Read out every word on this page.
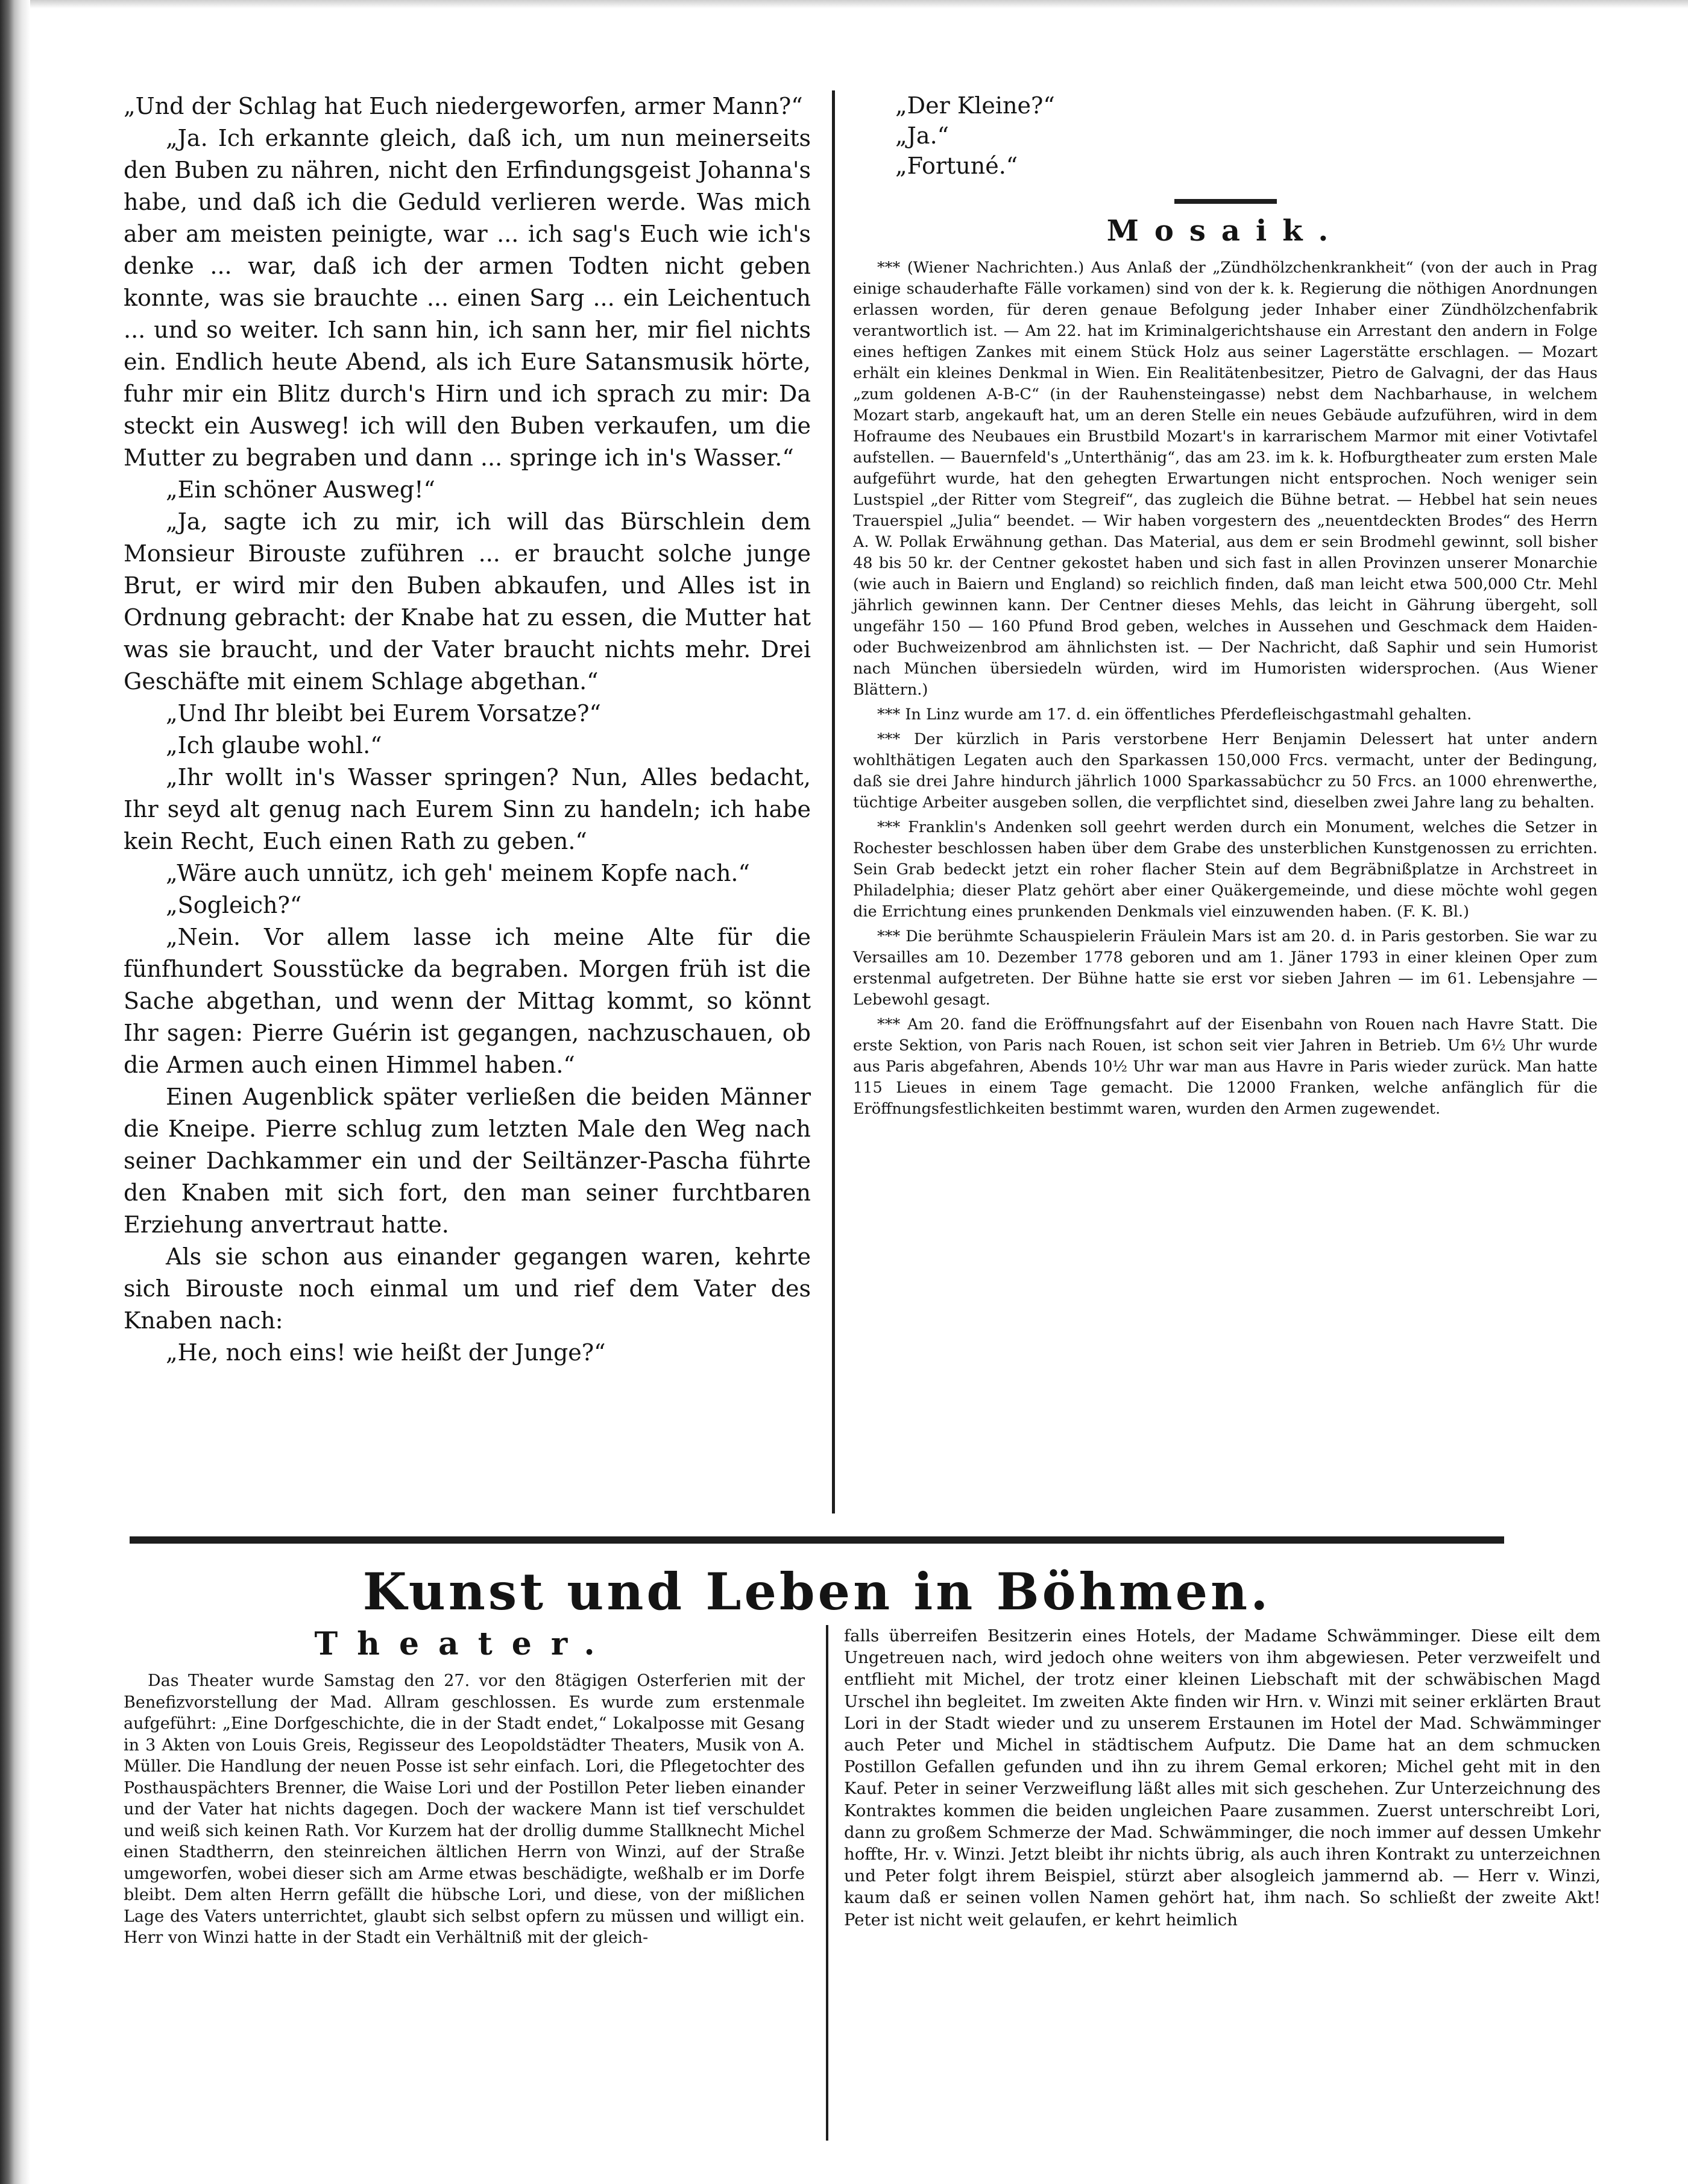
„Und der Schlag hat Euch niedergeworfen, armer Mann?“

„Ja. Ich erkannte gleich, daß ich, um nun meinerseits den Buben zu nähren, nicht den Erfindungsgeist Johanna's habe, und daß ich die Geduld verlieren werde. Was mich aber am meisten peinigte, war ... ich sag's Euch wie ich's denke ... war, daß ich der armen Todten nicht geben konnte, was sie brauchte ... einen Sarg ... ein Leichentuch ... und so weiter. Ich sann hin, ich sann her, mir fiel nichts ein. Endlich heute Abend, als ich Eure Satansmusik hörte, fuhr mir ein Blitz durch's Hirn und ich sprach zu mir: Da steckt ein Ausweg! ich will den Buben verkaufen, um die Mutter zu begraben und dann ... springe ich in's Wasser.“

„Ein schöner Ausweg!“

„Ja, sagte ich zu mir, ich will das Bürschlein dem Monsieur Birouste zuführen ... er braucht solche junge Brut, er wird mir den Buben abkaufen, und Alles ist in Ordnung gebracht: der Knabe hat zu essen, die Mutter hat was sie braucht, und der Vater braucht nichts mehr. Drei Geschäfte mit einem Schlage abgethan.“

„Und Ihr bleibt bei Eurem Vorsatze?“

„Ich glaube wohl.“

„Ihr wollt in's Wasser springen? Nun, Alles bedacht, Ihr seyd alt genug nach Eurem Sinn zu handeln; ich habe kein Recht, Euch einen Rath zu geben.“

„Wäre auch unnütz, ich geh' meinem Kopfe nach.“

„Sogleich?“

„Nein. Vor allem lasse ich meine Alte für die fünfhundert Sousstücke da begraben. Morgen früh ist die Sache abgethan, und wenn der Mittag kommt, so könnt Ihr sagen: Pierre Guérin ist gegangen, nachzuschauen, ob die Armen auch einen Himmel haben.“

Einen Augenblick später verließen die beiden Männer die Kneipe. Pierre schlug zum letzten Male den Weg nach seiner Dachkammer ein und der Seiltänzer-Pascha führte den Knaben mit sich fort, den man seiner furchtbaren Erziehung anvertraut hatte.

Als sie schon aus einander gegangen waren, kehrte sich Birouste noch einmal um und rief dem Vater des Knaben nach:

„He, noch eins! wie heißt der Junge?“

„Der Kleine?“

„Ja.“

„Fortuné.“

Mosaik.

*** (Wiener Nachrichten.) Aus Anlaß der „Zündhölzchenkrankheit“ (von der auch in Prag einige schauderhafte Fälle vorkamen) sind von der k. k. Regierung die nöthigen Anordnungen erlassen worden, für deren genaue Befolgung jeder Inhaber einer Zündhölzchenfabrik verantwortlich ist. — Am 22. hat im Kriminalgerichtshause ein Arrestant den andern in Folge eines heftigen Zankes mit einem Stück Holz aus seiner Lagerstätte erschlagen. — Mozart erhält ein kleines Denkmal in Wien. Ein Realitätenbesitzer, Pietro de Galvagni, der das Haus „zum goldenen A-B-C“ (in der Rauhensteingasse) nebst dem Nachbarhause, in welchem Mozart starb, angekauft hat, um an deren Stelle ein neues Gebäude aufzuführen, wird in dem Hofraume des Neubaues ein Brustbild Mozart's in karrarischem Marmor mit einer Votivtafel aufstellen. — Bauernfeld's „Unterthänig“, das am 23. im k. k. Hofburgtheater zum ersten Male aufgeführt wurde, hat den gehegten Erwartungen nicht entsprochen. Noch weniger sein Lustspiel „der Ritter vom Stegreif“, das zugleich die Bühne betrat. — Hebbel hat sein neues Trauerspiel „Julia“ beendet. — Wir haben vorgestern des „neuentdeckten Brodes“ des Herrn A. W. Pollak Erwähnung gethan. Das Material, aus dem er sein Brodmehl gewinnt, soll bisher 48 bis 50 kr. der Centner gekostet haben und sich fast in allen Provinzen unserer Monarchie (wie auch in Baiern und England) so reichlich finden, daß man leicht etwa 500,000 Ctr. Mehl jährlich gewinnen kann. Der Centner dieses Mehls, das leicht in Gährung übergeht, soll ungefähr 150 — 160 Pfund Brod geben, welches in Aussehen und Geschmack dem Haiden- oder Buchweizenbrod am ähnlichsten ist. — Der Nachricht, daß Saphir und sein Humorist nach München übersiedeln würden, wird im Humoristen widersprochen. (Aus Wiener Blättern.)

*** In Linz wurde am 17. d. ein öffentliches Pferdefleischgastmahl gehalten.

*** Der kürzlich in Paris verstorbene Herr Benjamin Delessert hat unter andern wohlthätigen Legaten auch den Sparkassen 150,000 Frcs. vermacht, unter der Bedingung, daß sie drei Jahre hindurch jährlich 1000 Sparkassabüchcr zu 50 Frcs. an 1000 ehrenwerthe, tüchtige Arbeiter ausgeben sollen, die verpflichtet sind, dieselben zwei Jahre lang zu behalten.

*** Franklin's Andenken soll geehrt werden durch ein Monument, welches die Setzer in Rochester beschlossen haben über dem Grabe des unsterblichen Kunstgenossen zu errichten. Sein Grab bedeckt jetzt ein roher flacher Stein auf dem Begräbnißplatze in Archstreet in Philadelphia; dieser Platz gehört aber einer Quäkergemeinde, und diese möchte wohl gegen die Errichtung eines prunkenden Denkmals viel einzuwenden haben. (F. K. Bl.)

*** Die berühmte Schauspielerin Fräulein Mars ist am 20. d. in Paris gestorben. Sie war zu Versailles am 10. Dezember 1778 geboren und am 1. Jäner 1793 in einer kleinen Oper zum erstenmal aufgetreten. Der Bühne hatte sie erst vor sieben Jahren — im 61. Lebensjahre — Lebewohl gesagt.

*** Am 20. fand die Eröffnungsfahrt auf der Eisenbahn von Rouen nach Havre Statt. Die erste Sektion, von Paris nach Rouen, ist schon seit vier Jahren in Betrieb. Um 6½ Uhr wurde aus Paris abgefahren, Abends 10½ Uhr war man aus Havre in Paris wieder zurück. Man hatte 115 Lieues in einem Tage gemacht. Die 12000 Franken, welche anfänglich für die Eröffnungsfestlichkeiten bestimmt waren, wurden den Armen zugewendet.

Kunst und Leben in Böhmen.
Theater.

Das Theater wurde Samstag den 27. vor den 8tägigen Osterferien mit der Benefizvorstellung der Mad. Allram geschlossen. Es wurde zum erstenmale aufgeführt: „Eine Dorfgeschichte, die in der Stadt endet,“ Lokalposse mit Gesang in 3 Akten von Louis Greis, Regisseur des Leopoldstädter Theaters, Musik von A. Müller. Die Handlung der neuen Posse ist sehr einfach. Lori, die Pflegetochter des Posthauspächters Brenner, die Waise Lori und der Postillon Peter lieben einander und der Vater hat nichts dagegen. Doch der wackere Mann ist tief verschuldet und weiß sich keinen Rath. Vor Kurzem hat der drollig dumme Stallknecht Michel einen Stadtherrn, den steinreichen ältlichen Herrn von Winzi, auf der Straße umgeworfen, wobei dieser sich am Arme etwas beschädigte, weßhalb er im Dorfe bleibt. Dem alten Herrn gefällt die hübsche Lori, und diese, von der mißlichen Lage des Vaters unterrichtet, glaubt sich selbst opfern zu müssen und willigt ein. Herr von Winzi hatte in der Stadt ein Verhältniß mit der gleich-

falls überreifen Besitzerin eines Hotels, der Madame Schwämminger. Diese eilt dem Ungetreuen nach, wird jedoch ohne weiters von ihm abgewiesen. Peter verzweifelt und entflieht mit Michel, der trotz einer kleinen Liebschaft mit der schwäbischen Magd Urschel ihn begleitet. Im zweiten Akte finden wir Hrn. v. Winzi mit seiner erklärten Braut Lori in der Stadt wieder und zu unserem Erstaunen im Hotel der Mad. Schwämminger auch Peter und Michel in städtischem Aufputz. Die Dame hat an dem schmucken Postillon Gefallen gefunden und ihn zu ihrem Gemal erkoren; Michel geht mit in den Kauf. Peter in seiner Verzweiflung läßt alles mit sich geschehen. Zur Unterzeichnung des Kontraktes kommen die beiden ungleichen Paare zusammen. Zuerst unterschreibt Lori, dann zu großem Schmerze der Mad. Schwämminger, die noch immer auf dessen Umkehr hoffte, Hr. v. Winzi. Jetzt bleibt ihr nichts übrig, als auch ihren Kontrakt zu unterzeichnen und Peter folgt ihrem Beispiel, stürzt aber alsogleich jammernd ab. — Herr v. Winzi, kaum daß er seinen vollen Namen gehört hat, ihm nach. So schließt der zweite Akt! Peter ist nicht weit gelaufen, er kehrt heimlich
